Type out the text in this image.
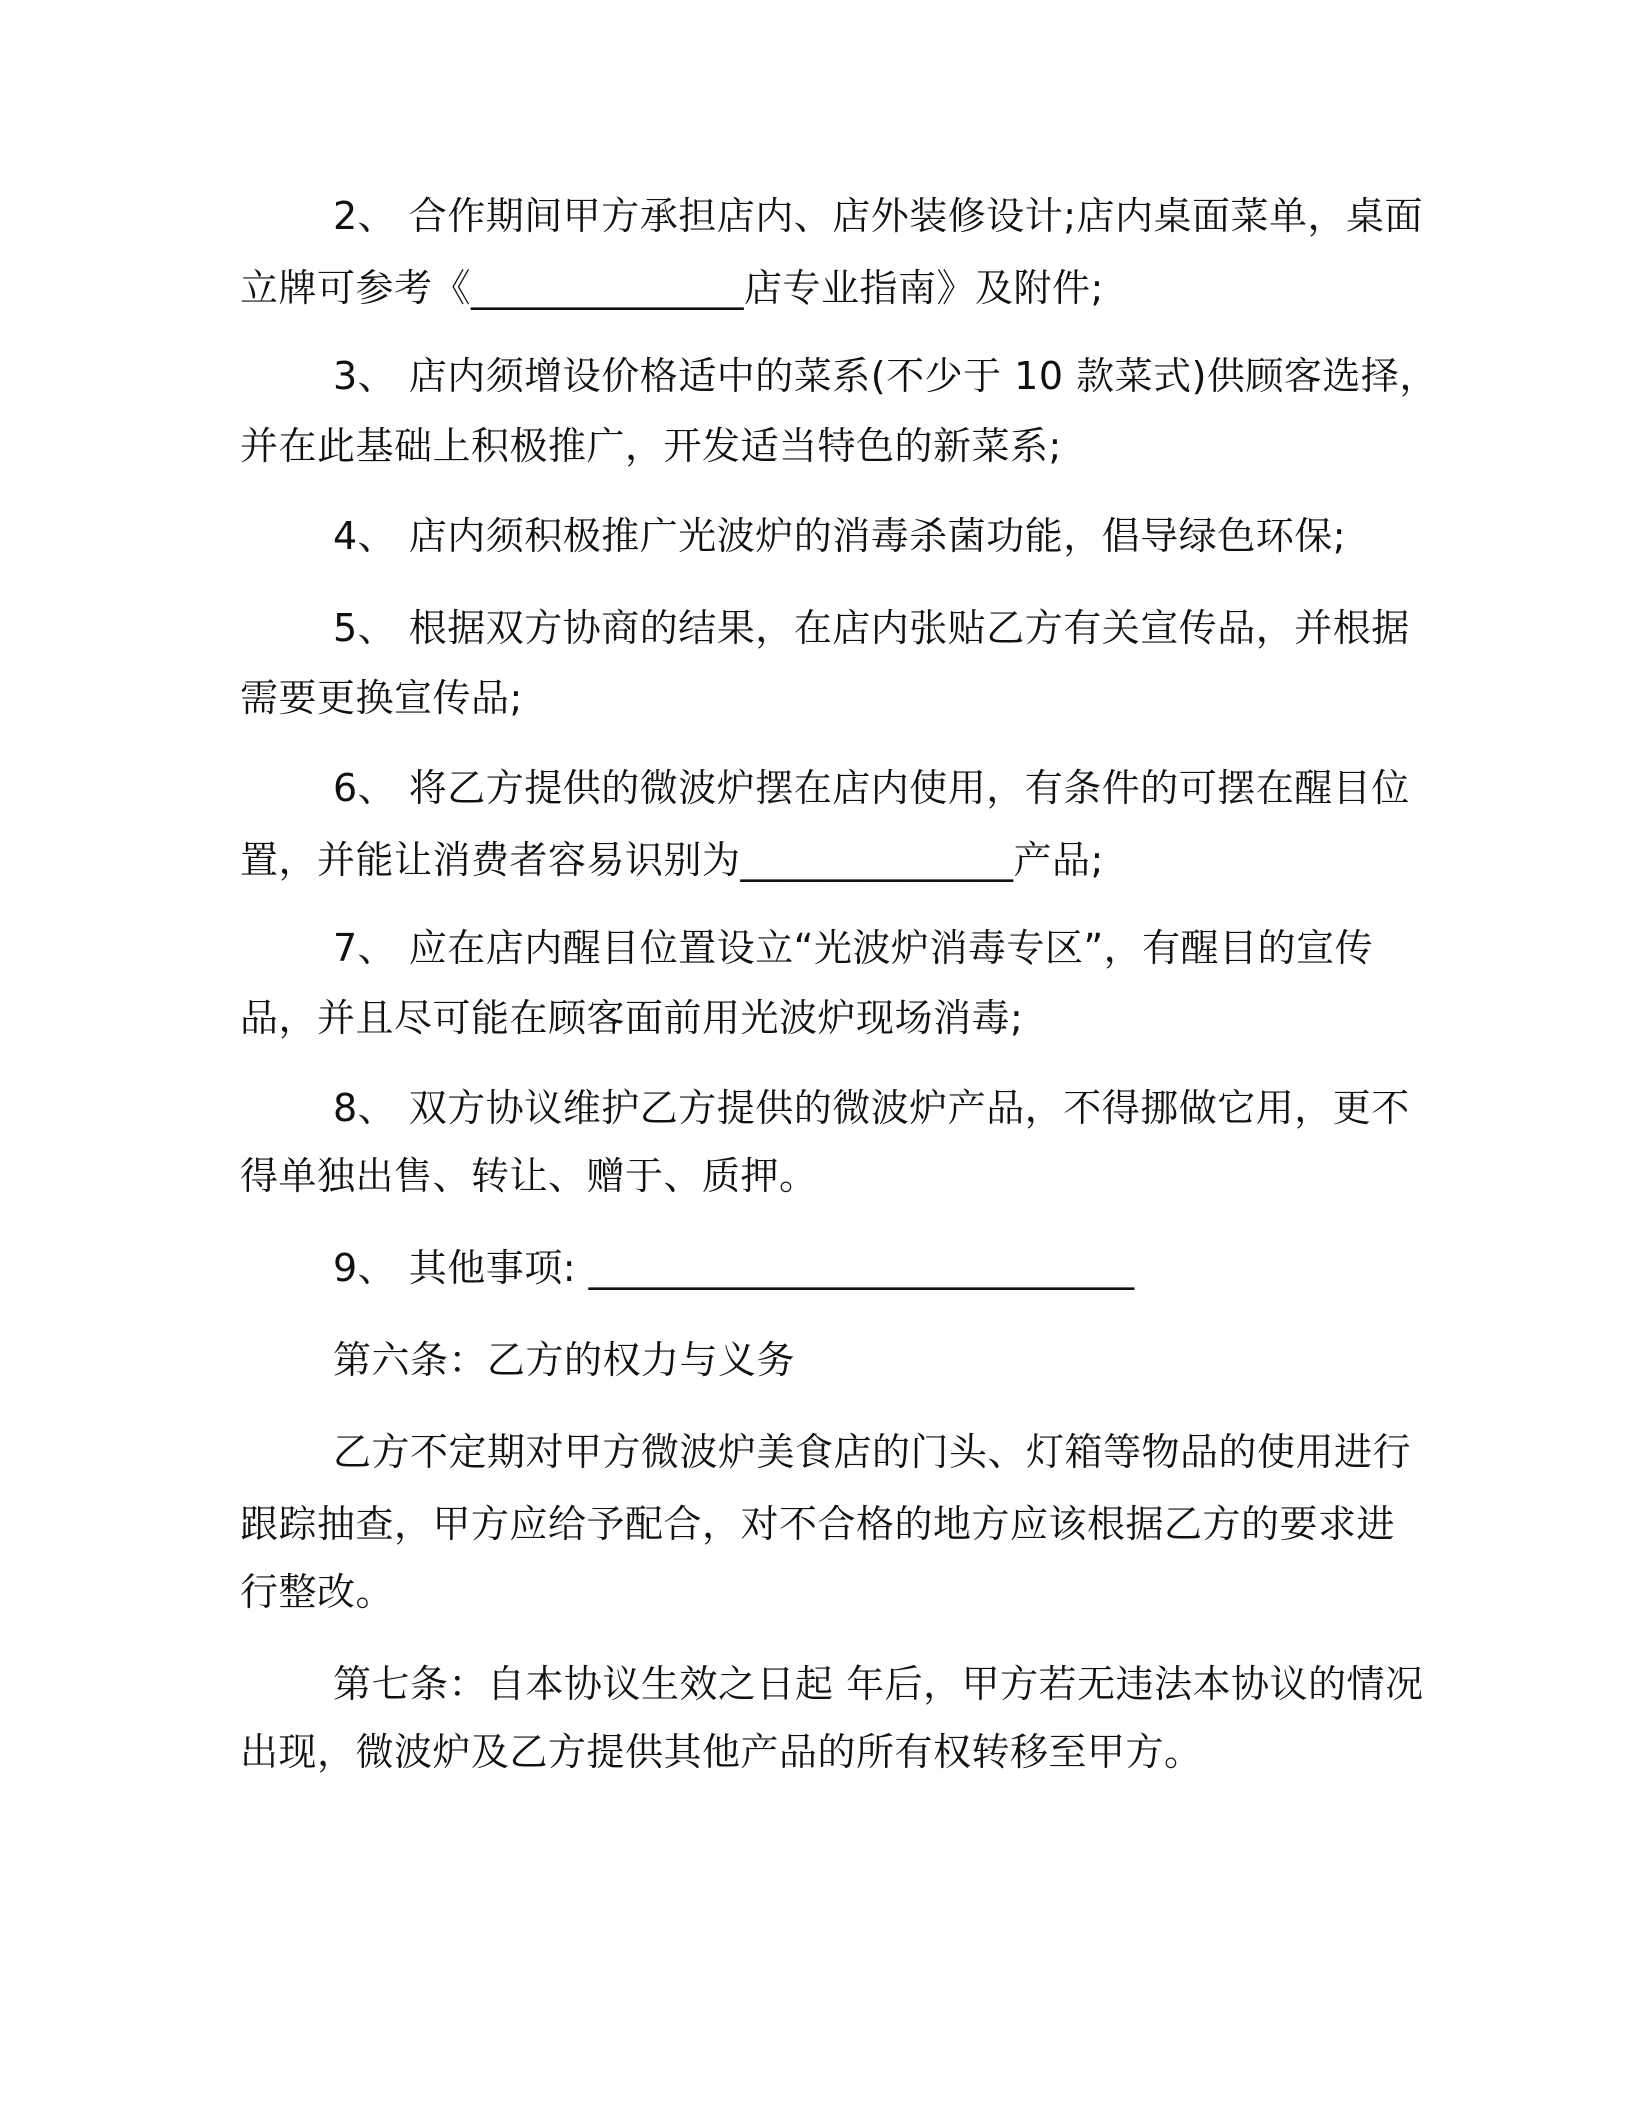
2、 合作期间甲方承担店内、店外装修设计;店内桌面菜单，桌面
立牌可参考《______________店专业指南》及附件;
3、 店内须增设价格适中的菜系(不少于 10 款菜式)供顾客选择，
并在此基础上积极推广，开发适当特色的新菜系;
4、 店内须积极推广光波炉的消毒杀菌功能，倡导绿色环保;
5、 根据双方协商的结果，在店内张贴乙方有关宣传品，并根据
需要更换宣传品;
6、 将乙方提供的微波炉摆在店内使用，有条件的可摆在醒目位
置，并能让消费者容易识别为______________产品;
7、 应在店内醒目位置设立“光波炉消毒专区”，有醒目的宣传
品，并且尽可能在顾客面前用光波炉现场消毒;
8、 双方协议维护乙方提供的微波炉产品，不得挪做它用，更不
得单独出售、转让、赠于、质押。
9、 其他事项: ____________________________
第六条：乙方的权力与义务
乙方不定期对甲方微波炉美食店的门头、灯箱等物品的使用进行
跟踪抽查，甲方应给予配合，对不合格的地方应该根据乙方的要求进
行整改。
第七条：自本协议生效之日起 年后，甲方若无违法本协议的情况
出现，微波炉及乙方提供其他产品的所有权转移至甲方。
